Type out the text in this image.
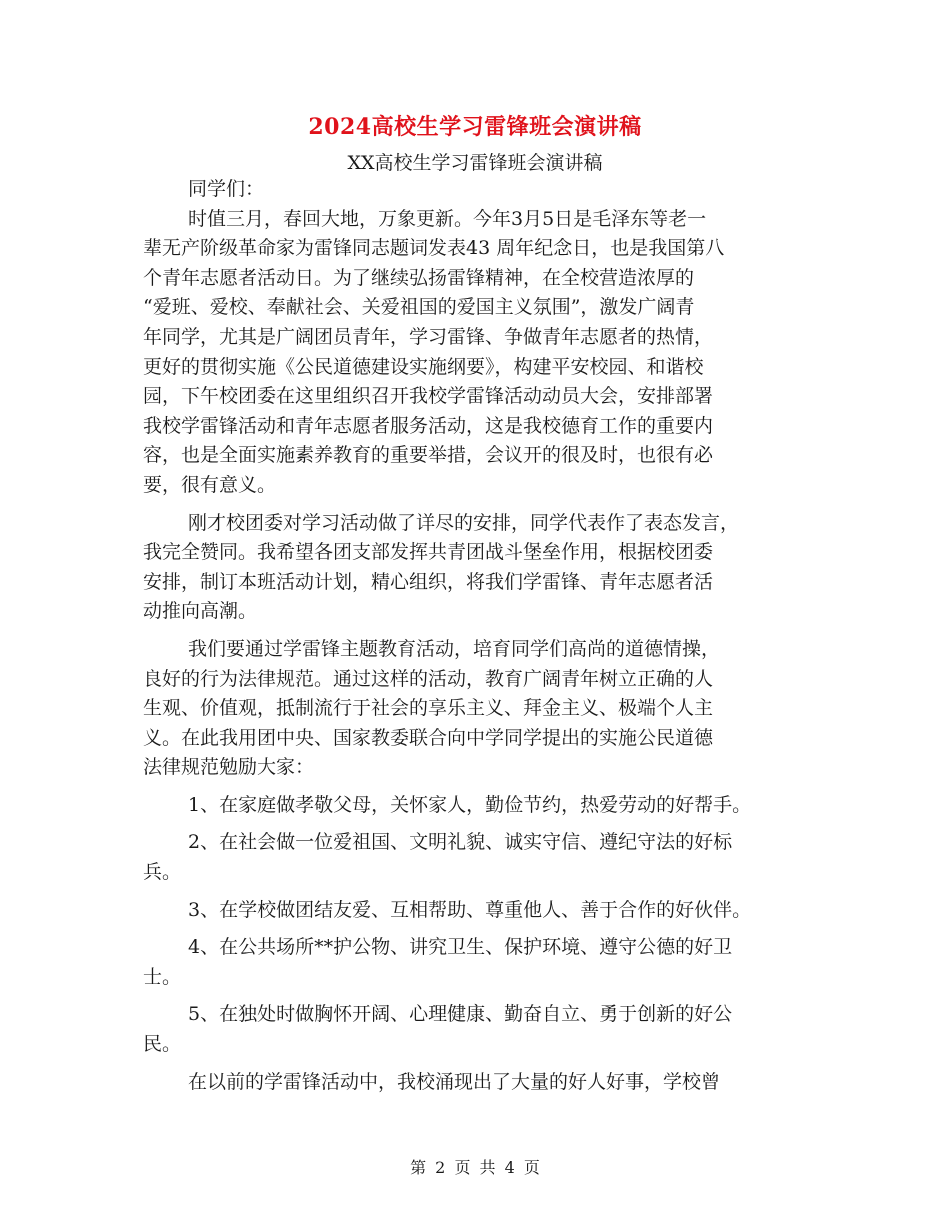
2024高校生学习雷锋班会演讲稿
XX高校生学习雷锋班会演讲稿
同学们：
时值三月，春回大地，万象更新。今年3月5日是毛泽东等老一
辈无产阶级革命家为雷锋同志题词发表43 周年纪念日，也是我国第八
个青年志愿者活动日。为了继续弘扬雷锋精神，在全校营造浓厚的
“爱班、爱校、奉献社会、关爱祖国的爱国主义氛围”，激发广阔青
年同学，尤其是广阔团员青年，学习雷锋、争做青年志愿者的热情，
更好的贯彻实施《公民道德建设实施纲要》，构建平安校园、和谐校
园，下午校团委在这里组织召开我校学雷锋活动动员大会，安排部署
我校学雷锋活动和青年志愿者服务活动，这是我校德育工作的重要内
容，也是全面实施素养教育的重要举措，会议开的很及时，也很有必
要，很有意义。
刚才校团委对学习活动做了详尽的安排，同学代表作了表态发言，
我完全赞同。我希望各团支部发挥共青团战斗堡垒作用，根据校团委
安排，制订本班活动计划，精心组织，将我们学雷锋、青年志愿者活
动推向高潮。
我们要通过学雷锋主题教育活动，培育同学们高尚的道德情操，
良好的行为法律规范。通过这样的活动，教育广阔青年树立正确的人
生观、价值观，抵制流行于社会的享乐主义、拜金主义、极端个人主
义。在此我用团中央、国家教委联合向中学同学提出的实施公民道德
法律规范勉励大家：
1、在家庭做孝敬父母，关怀家人，勤俭节约，热爱劳动的好帮手。
2、在社会做一位爱祖国、文明礼貌、诚实守信、遵纪守法的好标
兵。
3、在学校做团结友爱、互相帮助、尊重他人、善于合作的好伙伴。
4、在公共场所**护公物、讲究卫生、保护环境、遵守公德的好卫
士。
5、在独处时做胸怀开阔、心理健康、勤奋自立、勇于创新的好公
民。
在以前的学雷锋活动中，我校涌现出了大量的好人好事，学校曾
第 2 页 共 4 页
